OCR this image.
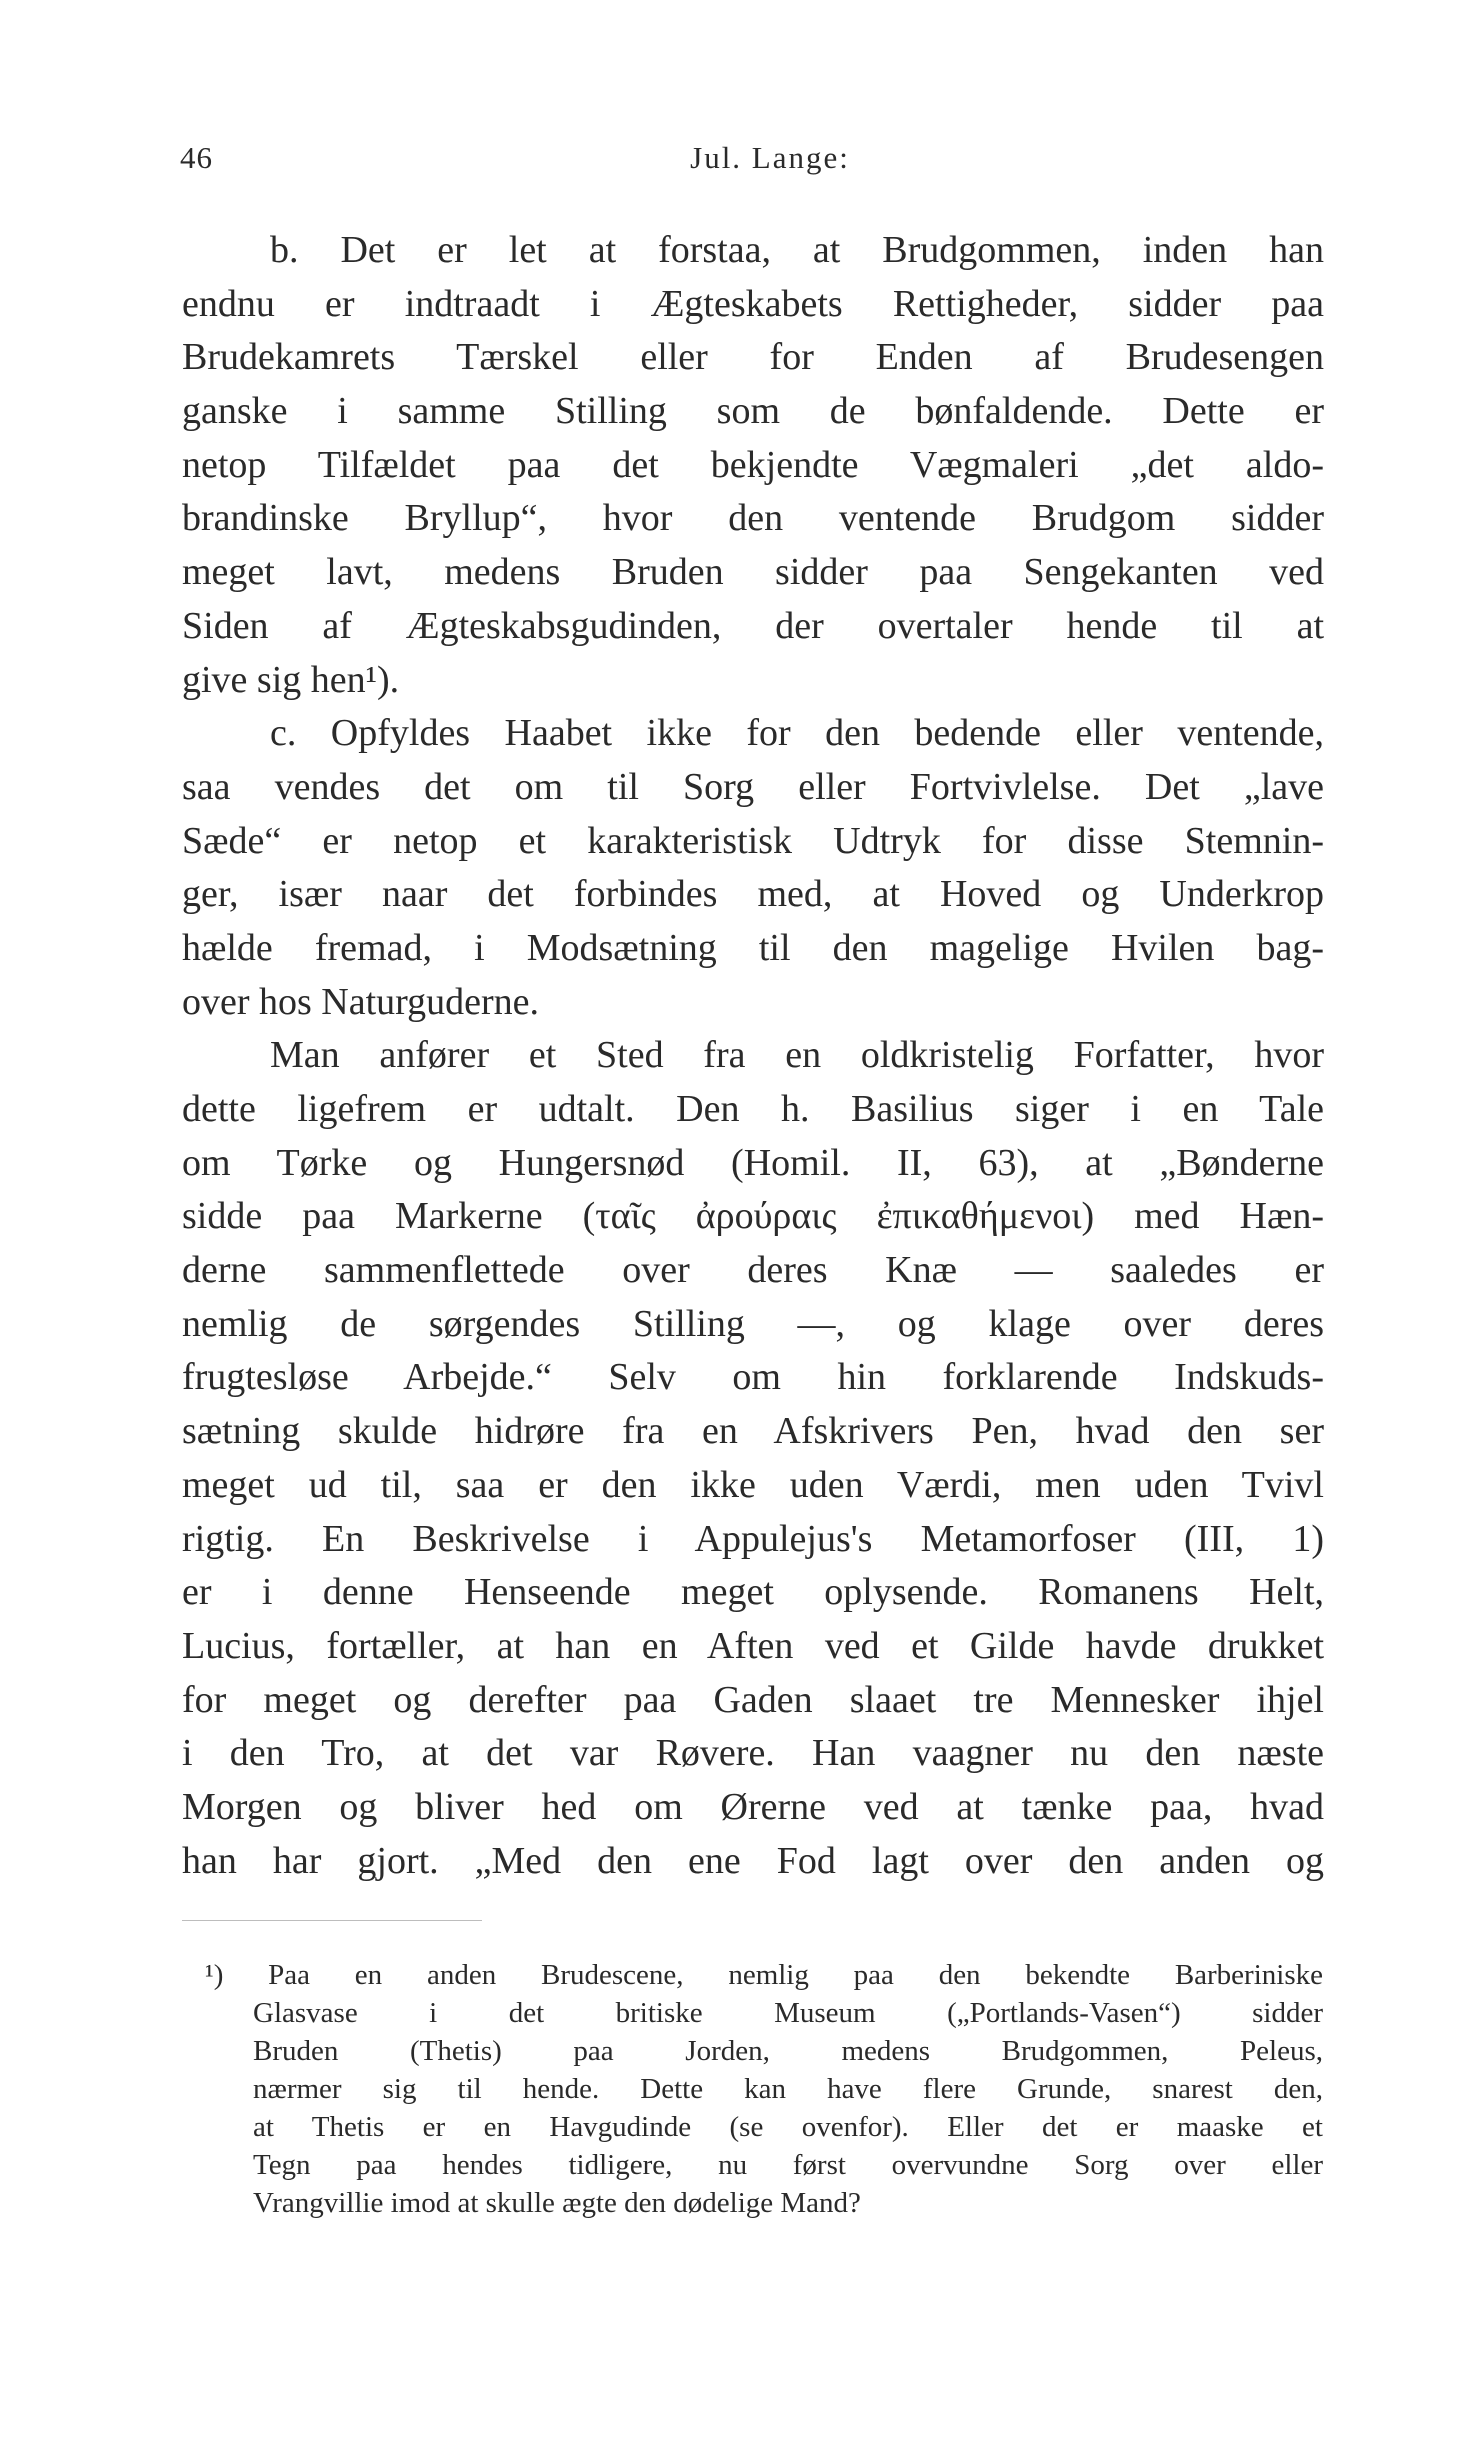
46	Jul. Lange:
b. Det er let at forstaa, at Brudgommen, inden han
endnu er indtraadt i Ægteskabets Rettigheder, sidder paa
Brudekamrets Tærskel eller for Enden af Brudesengen
ganske i samme Stilling som de bønfaldende. Dette er
netop Tilfældet paa det bekjendte Vægmaleri „det aldo-
brandinske Bryllup“, hvor den ventende Brudgom sidder
meget lavt, medens Bruden sidder paa Sengekanten ved
Siden af Ægteskabsgudinden, der overtaler hende til at
give sig hen¹).
c. Opfyldes Haabet ikke for den bedende eller ventende,
saa vendes det om til Sorg eller Fortvivlelse. Det „lave
Sæde“ er netop et karakteristisk Udtryk for disse Stemnin-
ger, især naar det forbindes med, at Hoved og Underkrop
hælde fremad, i Modsætning til den magelige Hvilen bag-
over hos Naturguderne.
Man anfører et Sted fra en oldkristelig Forfatter, hvor
dette ligefrem er udtalt. Den h. Basilius siger i en Tale
om Tørke og Hungersnød (Homil. II, 63), at „Bønderne
sidde paa Markerne (ταῖς ἀρούραις ἐπικαθήμενοι) med Hæn-
derne sammenflettede over deres Knæ — saaledes er
nemlig de sørgendes Stilling —, og klage over deres
frugtesløse Arbejde.“ Selv om hin forklarende Indskuds-
sætning skulde hidrøre fra en Afskrivers Pen, hvad den ser
meget ud til, saa er den ikke uden Værdi, men uden Tvivl
rigtig. En Beskrivelse i Appulejus's Metamorfoser (III, 1)
er i denne Henseende meget oplysende. Romanens Helt,
Lucius, fortæller, at han en Aften ved et Gilde havde drukket
for meget og derefter paa Gaden slaaet tre Mennesker ihjel
i den Tro, at det var Røvere. Han vaagner nu den næste
Morgen og bliver hed om Ørerne ved at tænke paa, hvad
han har gjort. „Med den ene Fod lagt over den anden og
¹) Paa en anden Brudescene, nemlig paa den bekendte Barberiniske
Glasvase i det britiske Museum („Portlands-Vasen“) sidder
Bruden (Thetis) paa Jorden, medens Brudgommen, Peleus,
nærmer sig til hende. Dette kan have flere Grunde, snarest den,
at Thetis er en Havgudinde (se ovenfor). Eller det er maaske et
Tegn paa hendes tidligere, nu først overvundne Sorg over eller
Vrangvillie imod at skulle ægte den dødelige Mand?
